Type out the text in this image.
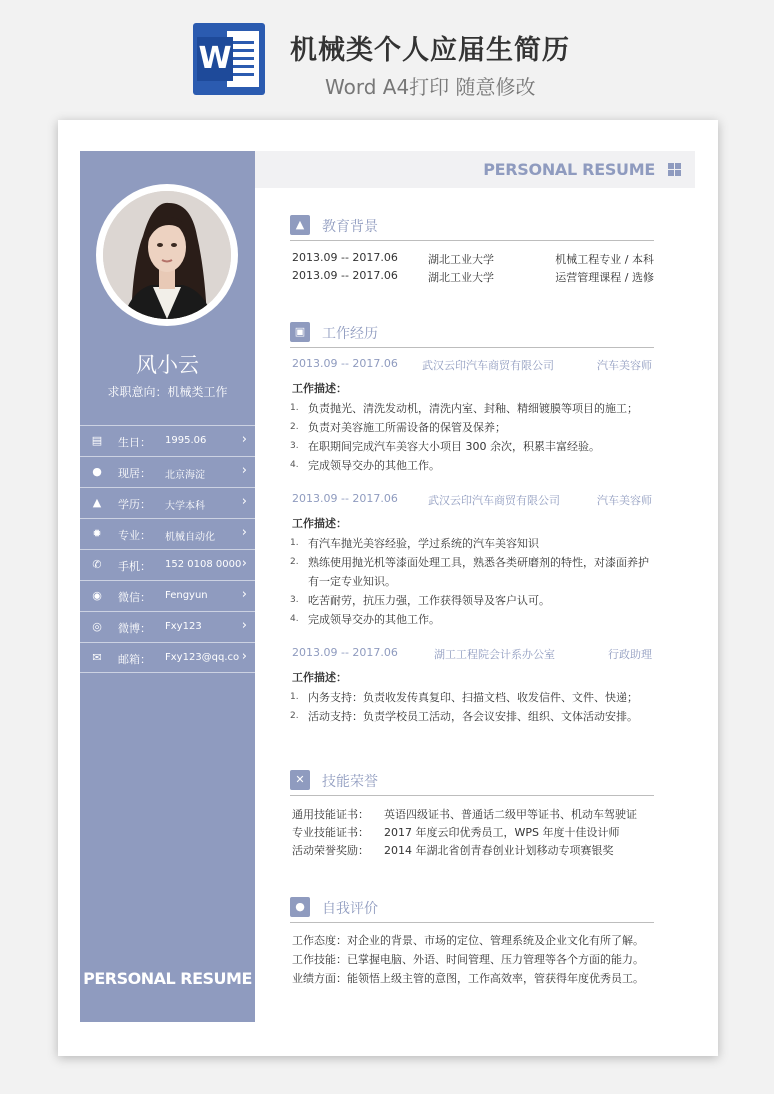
W 机械类个人应届生简历
Word A4打印 随意修改
风小云
求职意向：机械类工作
▤ 生日： 1995.06	›
● 现居： 北京海淀	›
▲ 学历： 大学本科	›
✹ 专业： 机械自动化 ›
✆ 手机： 152 0108 0000 ›
◉ 微信： Fengyun	›
◎ 微博： Fxy123	›
✉ 邮箱： Fxy123@qq.co ›
PERSONAL RESUME
PERSONAL RESUME
▲	教育背景
2013.09 -- 2017.06	湖北工业大学	机械工程专业 / 本科
2013.09 -- 2017.06	湖北工业大学	运营管理课程 / 选修
▣	工作经历
2013.09 -- 2017.06 武汉云印汽车商贸有限公司	汽车美容师
工作描述：
1. 负责抛光、清洗发动机，清洗内室、封釉、精细镀膜等项目的施工；
2. 负责对美容施工所需设备的保管及保养；
3. 在职期间完成汽车美容大小项目 300 余次，积累丰富经验。
4. 完成领导交办的其他工作。
2013.09 -- 2017.06	武汉云印汽车商贸有限公司	汽车美容师
工作描述：
1. 有汽车抛光美容经验，学过系统的汽车美容知识
2. 熟练使用抛光机等漆面处理工具，熟悉各类研磨剂的特性，对漆面养护有一定专业知识。
3. 吃苦耐劳，抗压力强，工作获得领导及客户认可。
4. 完成领导交办的其他工作。
2013.09 -- 2017.06	湖工工程院会计系办公室	行政助理
工作描述：
1. 内务支持：负责收发传真复印、扫描文档、收发信件、文件、快递；
2. 活动支持：负责学校员工活动，各会议安排、组织、文体活动安排。
✕	技能荣誉
通用技能证书： 英语四级证书、普通话二级甲等证书、机动车驾驶证
专业技能证书： 2017 年度云印优秀员工，WPS 年度十佳设计师
活动荣誉奖励： 2014 年湖北省创青春创业计划移动专项赛银奖
●	自我评价
工作态度：对企业的背景、市场的定位、管理系统及企业文化有所了解。
工作技能：已掌握电脑、外语、时间管理、压力管理等各个方面的能力。
业绩方面：能领悟上级主管的意图，工作高效率，管获得年度优秀员工。
